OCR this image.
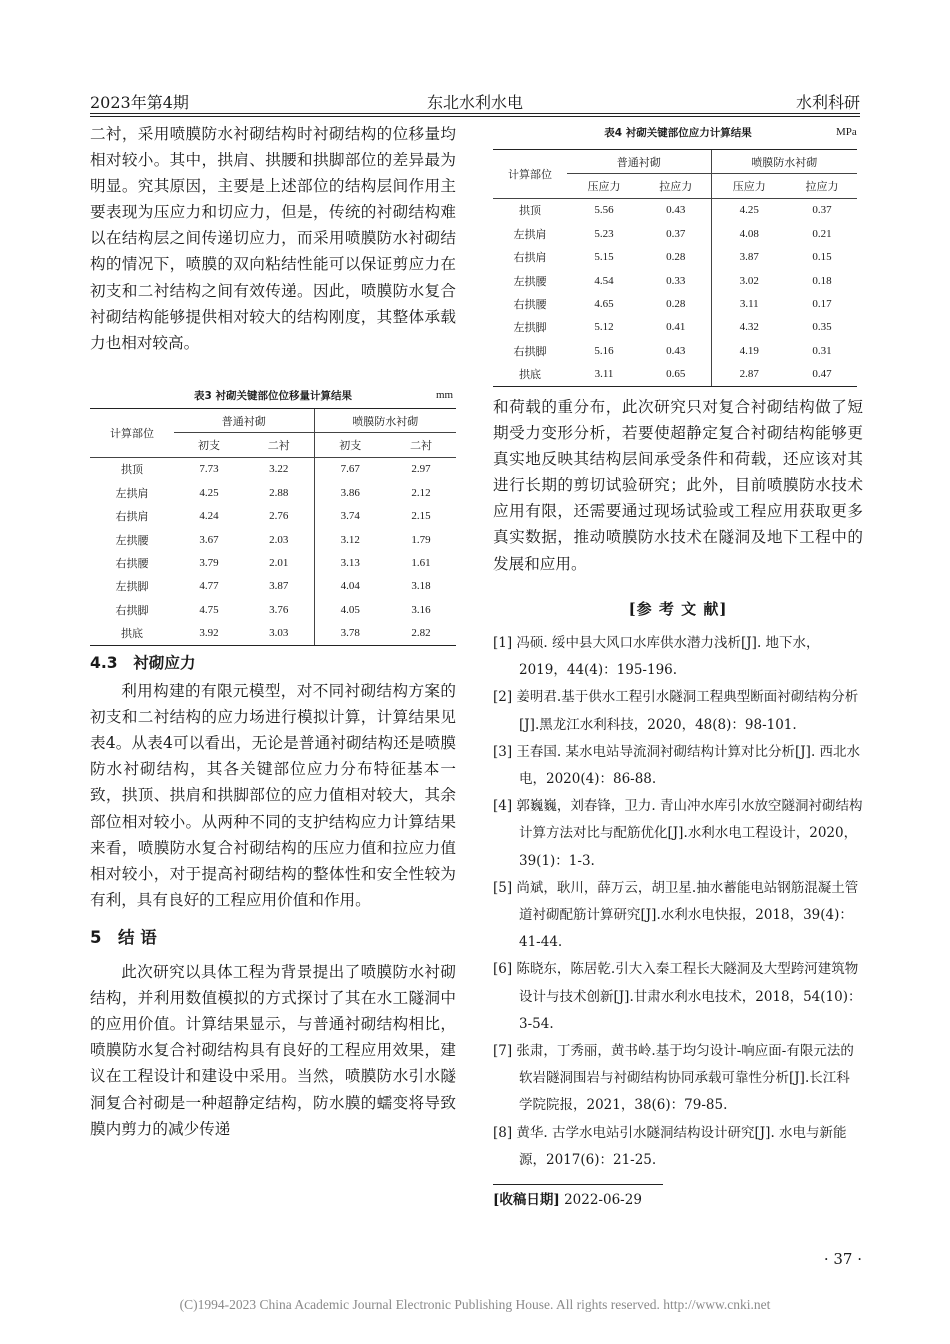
2023年第4期	东北水利水电	水利科研

二衬，采用喷膜防水衬砌结构时衬砌结构的位移量均相对较小。其中，拱肩、拱腰和拱脚部位的差异最为明显。究其原因，主要是上述部位的结构层间作用主要表现为压应力和切应力，但是，传统的衬砌结构难以在结构层之间传递切应力，而采用喷膜防水衬砌结构的情况下，喷膜的双向粘结性能可以保证剪应力在初支和二衬结构之间有效传递。因此，喷膜防水复合衬砌结构能够提供相对较大的结构刚度，其整体承载力也相对较高。

表3 衬砌关键部位位移量计算结果	mm
计算部位	普通衬砌		喷膜防水衬砌	
	初支	二衬	初支	二衬
拱顶	7.73	3.22	7.67	2.97
左拱肩	4.25	2.88	3.86	2.12
右拱肩	4.24	2.76	3.74	2.15
左拱腰	3.67	2.03	3.12	1.79
右拱腰	3.79	2.01	3.13	1.61
左拱脚	4.77	3.87	4.04	3.18
右拱脚	4.75	3.76	4.05	3.16
拱底	3.92	3.03	3.78	2.82
4.3　衬砌应力

利用构建的有限元模型，对不同衬砌结构方案的初支和二衬结构的应力场进行模拟计算，计算结果见表4。从表4可以看出，无论是普通衬砌结构还是喷膜防水衬砌结构，其各关键部位应力分布特征基本一致，拱顶、拱肩和拱脚部位的应力值相对较大，其余部位相对较小。从两种不同的支护结构应力计算结果来看，喷膜防水复合衬砌结构的压应力值和拉应力值相对较小，对于提高衬砌结构的整体性和安全性较为有利，具有良好的工程应用价值和作用。

5　结 语

此次研究以具体工程为背景提出了喷膜防水衬砌结构，并利用数值模拟的方式探讨了其在水工隧洞中的应用价值。计算结果显示，与普通衬砌结构相比，喷膜防水复合衬砌结构具有良好的工程应用效果，建议在工程设计和建设中采用。当然，喷膜防水引水隧洞复合衬砌是一种超静定结构，防水膜的蠕变将导致膜内剪力的减少传递

表4 衬砌关键部位应力计算结果	MPa
计算部位	普通衬砌		喷膜防水衬砌	
	压应力	拉应力	压应力	拉应力
拱顶	5.56	0.43	4.25	0.37
左拱肩	5.23	0.37	4.08	0.21
右拱肩	5.15	0.28	3.87	0.15
左拱腰	4.54	0.33	3.02	0.18
右拱腰	4.65	0.28	3.11	0.17
左拱脚	5.12	0.41	4.32	0.35
右拱脚	5.16	0.43	4.19	0.31
拱底	3.11	0.65	2.87	0.47

和荷载的重分布，此次研究只对复合衬砌结构做了短期受力变形分析，若要使超静定复合衬砌结构能够更真实地反映其结构层间承受条件和荷载，还应该对其进行长期的剪切试验研究；此外，目前喷膜防水技术应用有限，还需要通过现场试验或工程应用获取更多真实数据，推动喷膜防水技术在隧洞及地下工程中的发展和应用。

[参 考 文 献]

[1] 冯硕. 绥中县大风口水库供水潜力浅析[J]. 地下水，2019，44(4)：195-196.

[2] 姜明君.基于供水工程引水隧洞工程典型断面衬砌结构分析[J].黑龙江水利科技，2020，48(8)：98-101.

[3] 王春国. 某水电站导流洞衬砌结构计算对比分析[J]. 西北水电，2020(4)：86-88.

[4] 郭巍巍，刘春锋，卫力. 青山冲水库引水放空隧洞衬砌结构计算方法对比与配筋优化[J].水利水电工程设计，2020，39(1)：1-3.

[5] 尚斌，耿川，薛万云，胡卫星.抽水蓄能电站钢筋混凝土管道衬砌配筋计算研究[J].水利水电快报，2018，39(4)：41-44.

[6] 陈晓东，陈居乾.引大入秦工程长大隧洞及大型跨河建筑物设计与技术创新[J].甘肃水利水电技术，2018，54(10)：3-54.

[7] 张肃，丁秀丽，黄书岭.基于均匀设计-响应面-有限元法的软岩隧洞围岩与衬砌结构协同承载可靠性分析[J].长江科学院院报，2021，38(6)：79-85.

[8] 黄华. 古学水电站引水隧洞结构设计研究[J]. 水电与新能源，2017(6)：21-25.

[收稿日期] 2022-06-29
· 37 ·
(C)1994-2023 China Academic Journal Electronic Publishing House. All rights reserved. http://www.cnki.net
